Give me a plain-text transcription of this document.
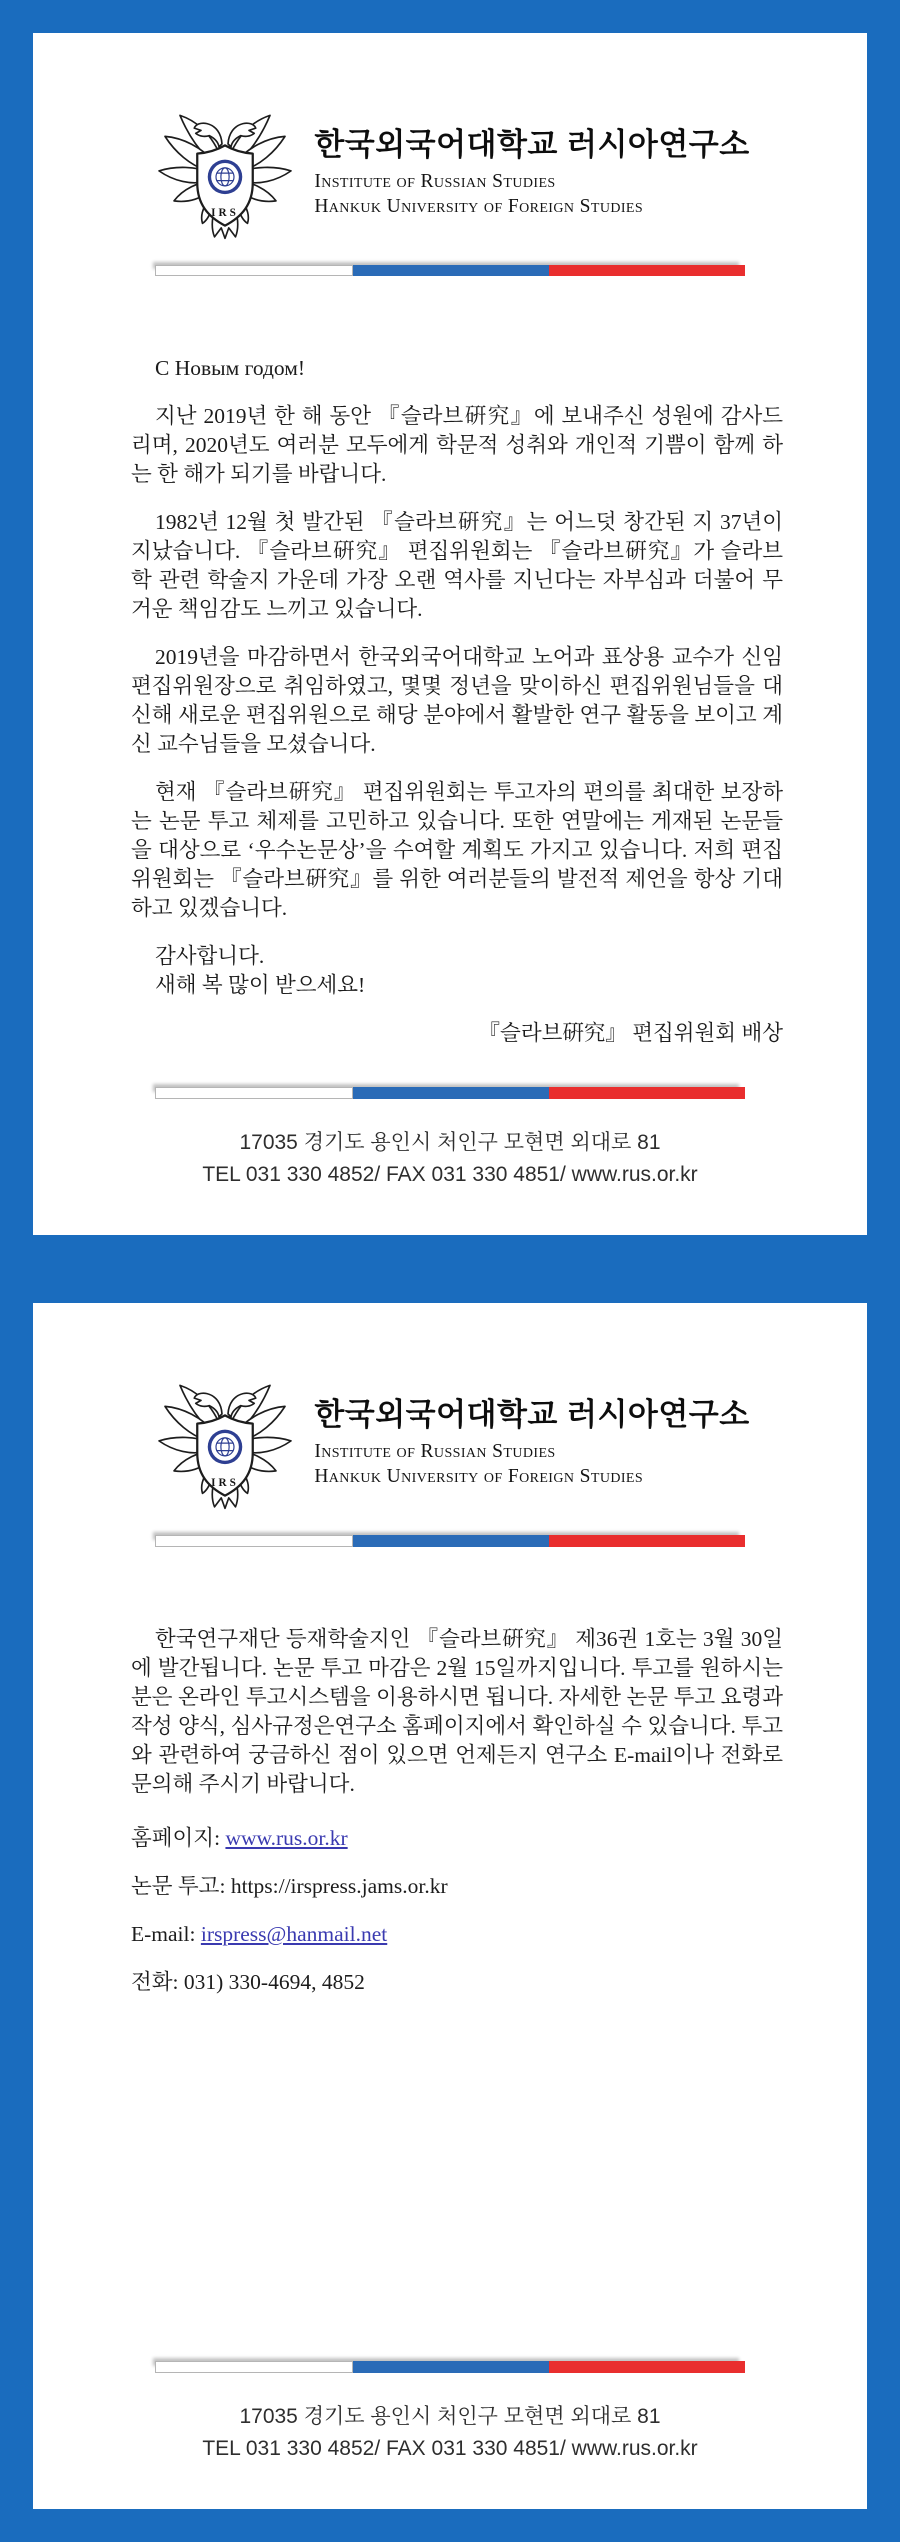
IRS
한국외국어대학교 러시아연구소
Institute of Russian Studies
Hankuk University of Foreign Studies

С Новым годом!

지난 2019년 한 해 동안 『슬라브硏究』에 보내주신 성원에 감사드리며, 2020년도 여러분 모두에게 학문적 성취와 개인적 기쁨이 함께 하는 한 해가 되기를 바랍니다.

1982년 12월 첫 발간된 『슬라브硏究』는 어느덧 창간된 지 37년이 지났습니다. 『슬라브硏究』 편집위원회는 『슬라브硏究』가 슬라브학 관련 학술지 가운데 가장 오랜 역사를 지닌다는 자부심과 더불어 무거운 책임감도 느끼고 있습니다.

2019년을 마감하면서 한국외국어대학교 노어과 표상용 교수가 신임 편집위원장으로 취임하였고, 몇몇 정년을 맞이하신 편집위원님들을 대신해 새로운 편집위원으로 해당 분야에서 활발한 연구 활동을 보이고 계신 교수님들을 모셨습니다.

현재 『슬라브硏究』 편집위원회는 투고자의 편의를 최대한 보장하는 논문 투고 체제를 고민하고 있습니다. 또한 연말에는 게재된 논문들을 대상으로 ‘우수논문상’을 수여할 계획도 가지고 있습니다. 저희 편집위원회는 『슬라브硏究』를 위한 여러분들의 발전적 제언을 항상 기대하고 있겠습니다.

감사합니다.

새해 복 많이 받으세요!

『슬라브硏究』 편집위원회 배상

17035 경기도 용인시 처인구 모현면 외대로 81
TEL 031 330 4852/ FAX 031 330 4851/ www.rus.or.kr
IRS
한국외국어대학교 러시아연구소
Institute of Russian Studies
Hankuk University of Foreign Studies

한국연구재단 등재학술지인 『슬라브硏究』 제36권 1호는 3월 30일에 발간됩니다. 논문 투고 마감은 2월 15일까지입니다. 투고를 원하시는 분은 온라인 투고시스템을 이용하시면 됩니다. 자세한 논문 투고 요령과 작성 양식, 심사규정은연구소 홈페이지에서 확인하실 수 있습니다. 투고와 관련하여 궁금하신 점이 있으면 언제든지 연구소 E-mail이나 전화로 문의해 주시기 바랍니다.

홈페이지: www.rus.or.kr
논문 투고: https://irspress.jams.or.kr
E-mail: irspress@hanmail.net
전화: 031) 330-4694, 4852
17035 경기도 용인시 처인구 모현면 외대로 81
TEL 031 330 4852/ FAX 031 330 4851/ www.rus.or.kr
